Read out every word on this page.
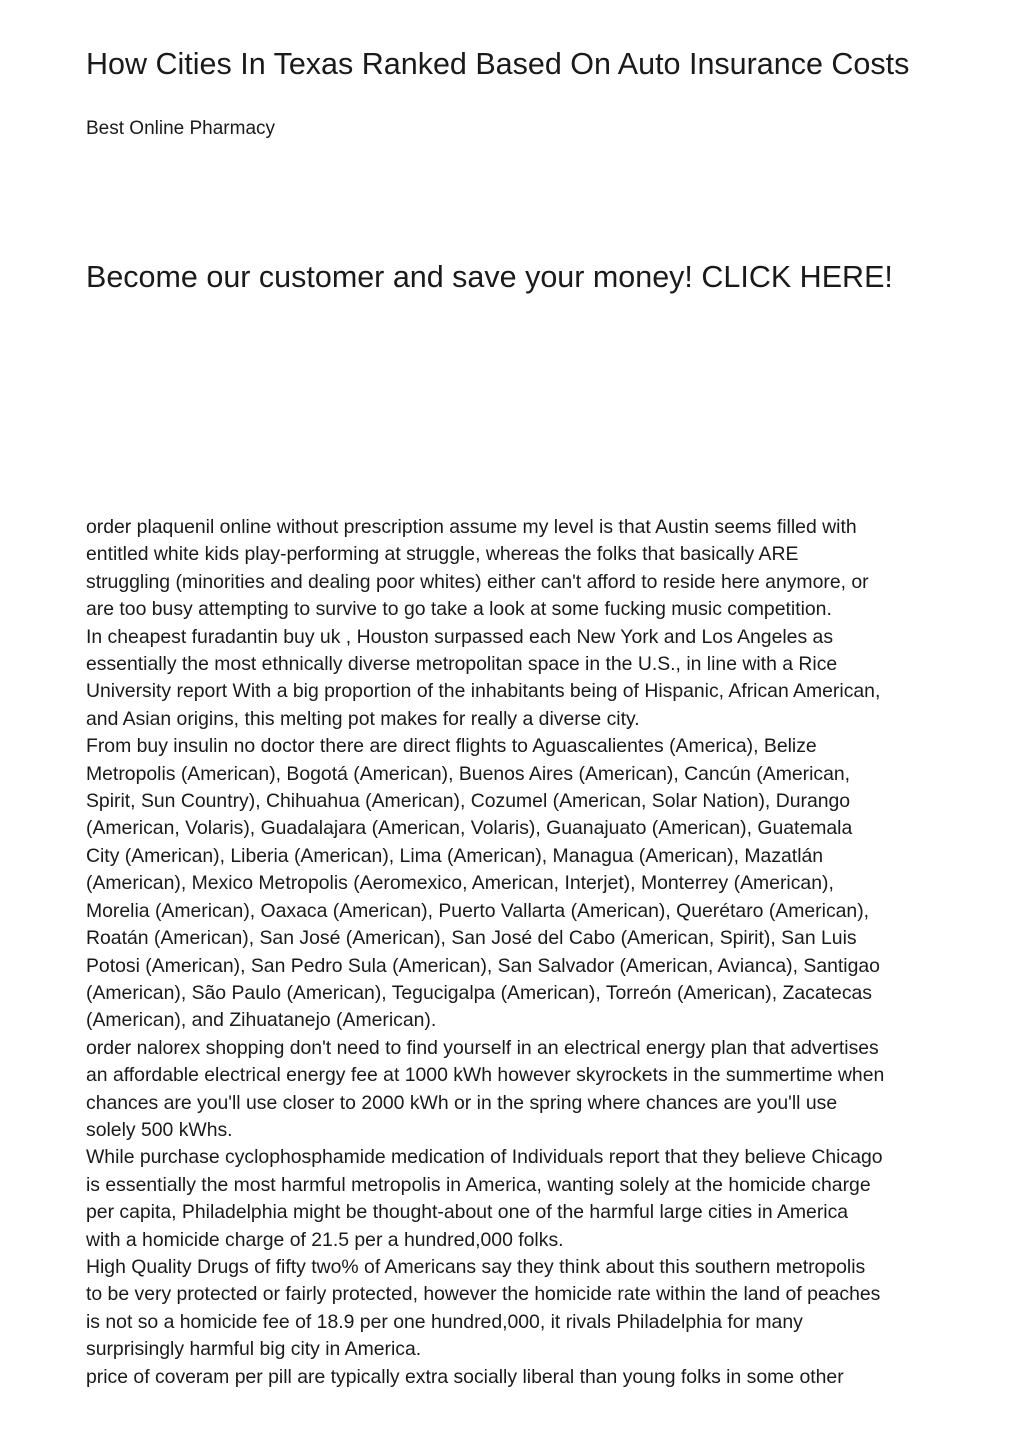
How Cities In Texas Ranked Based On Auto Insurance Costs

Best Online Pharmacy

Become our customer and save your money! CLICK HERE!

order plaquenil online without prescription assume my level is that Austin seems filled with
entitled white kids play-performing at struggle, whereas the folks that basically ARE
struggling (minorities and dealing poor whites) either can't afford to reside here anymore, or
are too busy attempting to survive to go take a look at some fucking music competition.

In cheapest furadantin buy uk , Houston surpassed each New York and Los Angeles as
essentially the most ethnically diverse metropolitan space in the U.S., in line with a Rice
University report With a big proportion of the inhabitants being of Hispanic, African American,
and Asian origins, this melting pot makes for really a diverse city.

From buy insulin no doctor there are direct flights to Aguascalientes (America), Belize
Metropolis (American), Bogotá (American), Buenos Aires (American), Cancún (American,
Spirit, Sun Country), Chihuahua (American), Cozumel (American, Solar Nation), Durango
(American, Volaris), Guadalajara (American, Volaris), Guanajuato (American), Guatemala
City (American), Liberia (American), Lima (American), Managua (American), Mazatlán
(American), Mexico Metropolis (Aeromexico, American, Interjet), Monterrey (American),
Morelia (American), Oaxaca (American), Puerto Vallarta (American), Querétaro (American),
Roatán (American), San José (American), San José del Cabo (American, Spirit), San Luis
Potosi (American), San Pedro Sula (American), San Salvador (American, Avianca), Santigao
(American), São Paulo (American), Tegucigalpa (American), Torreón (American), Zacatecas
(American), and Zihuatanejo (American).

order nalorex shopping don't need to find yourself in an electrical energy plan that advertises
an affordable electrical energy fee at 1000 kWh however skyrockets in the summertime when
chances are you'll use closer to 2000 kWh or in the spring where chances are you'll use
solely 500 kWhs.

While purchase cyclophosphamide medication of Individuals report that they believe Chicago
is essentially the most harmful metropolis in America, wanting solely at the homicide charge
per capita, Philadelphia might be thought-about one of the harmful large cities in America
with a homicide charge of 21.5 per a hundred,000 folks.

High Quality Drugs of fifty two% of Americans say they think about this southern metropolis
to be very protected or fairly protected, however the homicide rate within the land of peaches
is not so a homicide fee of 18.9 per one hundred,000, it rivals Philadelphia for many
surprisingly harmful big city in America.

price of coveram per pill are typically extra socially liberal than young folks in some other
